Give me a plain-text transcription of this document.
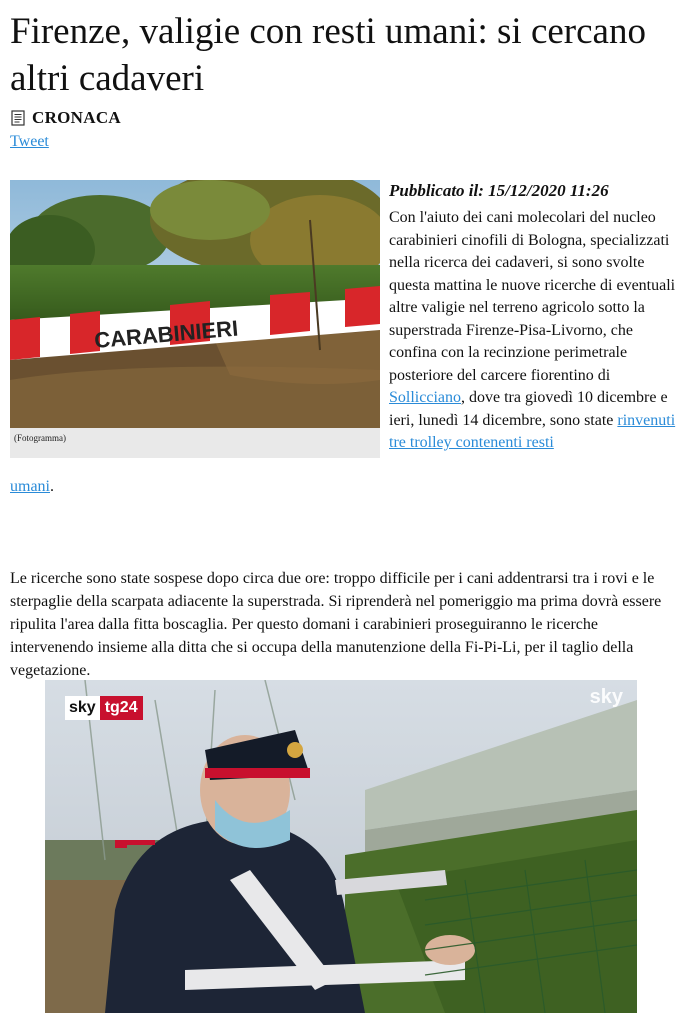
Firenze, valigie con resti umani: si cercano altri cadaveri
CRONACA
Tweet
CARABINIERI
(Fotogramma)
Pubblicato il: 15/12/2020 11:26
Con l'aiuto dei cani molecolari del nucleo carabinieri cinofili di Bologna, specializzati nella ricerca dei cadaveri, si sono svolte questa mattina le nuove ricerche di eventuali altre valigie nel terreno agricolo sotto la superstrada Firenze-Pisa-Livorno, che confina con la recinzione perimetrale posteriore del carcere fiorentino di Sollicciano, dove tra giovedì 10 dicembre e ieri, lunedì 14 dicembre, sono state rinvenuti tre trolley contenenti resti
umani.

Le ricerche sono state sospese dopo circa due ore: troppo difficile per i cani addentrarsi tra i rovi e le sterpaglie della scarpata adiacente la superstrada. Si riprenderà nel pomeriggio ma prima dovrà essere ripulita l'area dalla fitta boscaglia. Per questo domani i carabinieri proseguiranno le ricerche intervenendo insieme alla ditta che si occupa della manutenzione della Fi-Pi-Li, per il taglio della vegetazione.

sky tg24	sky
